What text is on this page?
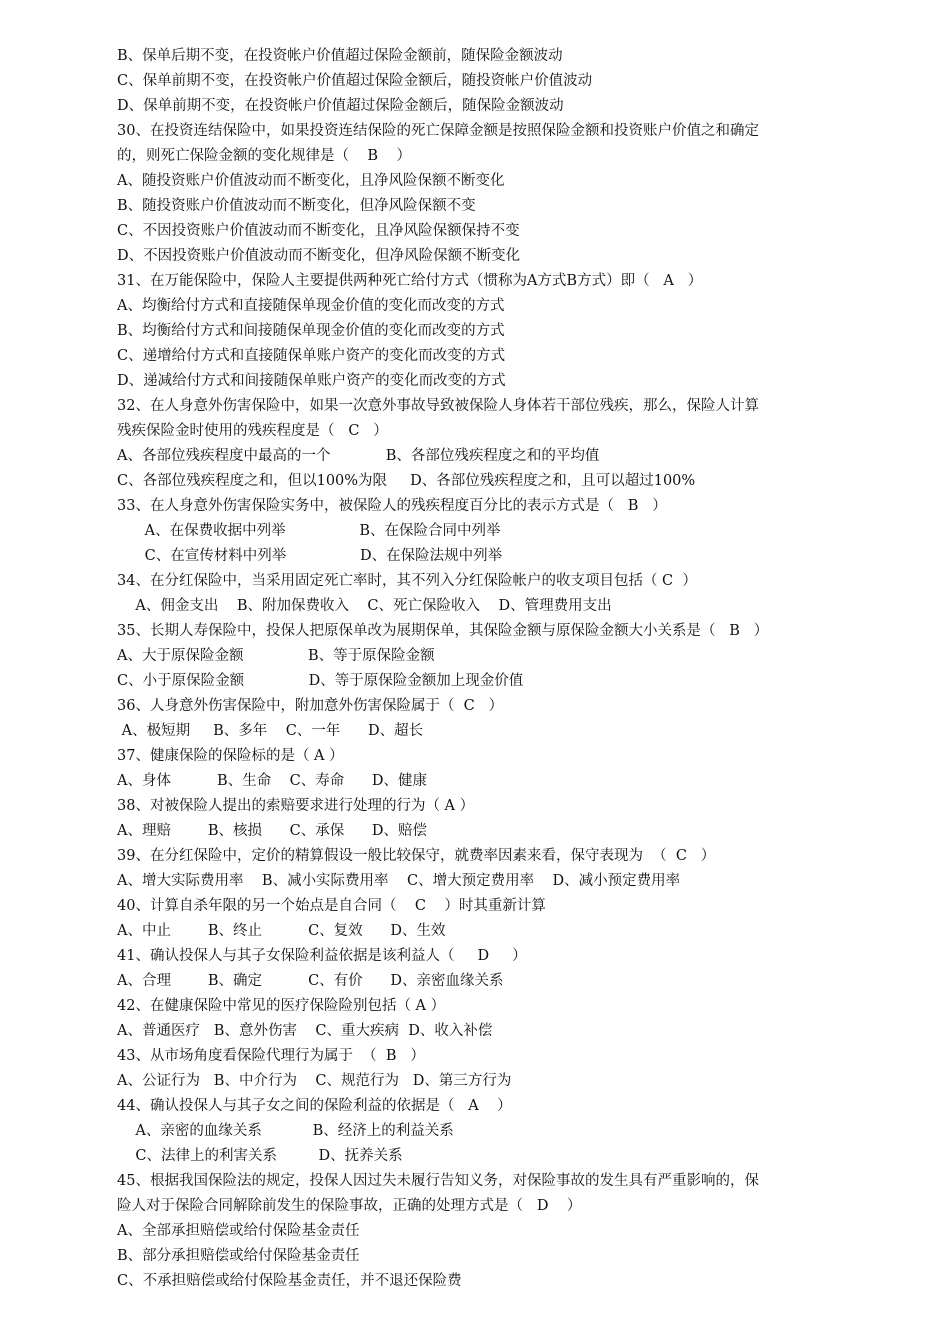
B、保单后期不变，在投资帐户价值超过保险金额前，随保险金额波动
C、保单前期不变，在投资帐户价值超过保险金额后，随投资帐户价值波动
D、保单前期不变，在投资帐户价值超过保险金额后，随保险金额波动
30、在投资连结保险中，如果投资连结保险的死亡保障金额是按照保险金额和投资账户价值之和确定
的，则死亡保险金额的变化规律是（    B    ）
A、随投资账户价值波动而不断变化，且净风险保额不断变化
B、随投资账户价值波动而不断变化，但净风险保额不变
C、不因投资账户价值波动而不断变化，且净风险保额保持不变
D、不因投资账户价值波动而不断变化，但净风险保额不断变化
31、在万能保险中，保险人主要提供两种死亡给付方式（惯称为A方式B方式）即（   A   ）
A、均衡给付方式和直接随保单现金价值的变化而改变的方式
B、均衡给付方式和间接随保单现金价值的变化而改变的方式
C、递增给付方式和直接随保单账户资产的变化而改变的方式
D、递减给付方式和间接随保单账户资产的变化而改变的方式
32、在人身意外伤害保险中，如果一次意外事故导致被保险人身体若干部位残疾，那么，保险人计算
残疾保险金时使用的残疾程度是（   C   ）
A、各部位残疾程度中最高的一个            B、各部位残疾程度之和的平均值
C、各部位残疾程度之和，但以100%为限     D、各部位残疾程度之和，且可以超过100%
33、在人身意外伤害保险实务中，被保险人的残疾程度百分比的表示方式是（   B   ）
A、在保费收据中列举                B、在保险合同中列举
C、在宣传材料中列举                D、在保险法规中列举
34、在分红保险中，当采用固定死亡率时，其不列入分红保险帐户的收支项目包括（ C  ）
A、佣金支出    B、附加保费收入    C、死亡保险收入    D、管理费用支出
35、长期人寿保险中，投保人把原保单改为展期保单，其保险金额与原保险金额大小关系是（   B   ）
A、大于原保险金额              B、等于原保险金额
C、小于原保险金额              D、等于原保险金额加上现金价值
36、人身意外伤害保险中，附加意外伤害保险属于（  C   ）
A、极短期     B、多年    C、一年      D、超长
37、健康保险的保险标的是（ A ）
A、身体          B、生命    C、寿命      D、健康
38、对被保险人提出的索赔要求进行处理的行为（ A ）
A、理赔        B、核损      C、承保      D、赔偿
39、在分红保险中，定价的精算假设一般比较保守，就费率因素来看，保守表现为  （  C   ）
A、增大实际费用率    B、减小实际费用率    C、增大预定费用率    D、减小预定费用率
40、计算自杀年限的另一个始点是自合同（    C    ）时其重新计算
A、中止        B、终止          C、复效      D、生效
41、确认投保人与其子女保险利益依据是该利益人（     D     ）
A、合理        B、确定          C、有价      D、亲密血缘关系
42、在健康保险中常见的医疗保险险别包括（ A ）
A、普通医疗   B、意外伤害    C、重大疾病  D、收入补偿
43、从市场角度看保险代理行为属于  （  B   ）
A、公证行为   B、中介行为    C、规范行为   D、第三方行为
44、确认投保人与其子女之间的保险利益的依据是（   A    ）
A、亲密的血缘关系           B、经济上的利益关系
C、法律上的利害关系         D、抚养关系
45、根据我国保险法的规定，投保人因过失未履行告知义务，对保险事故的发生具有严重影响的，保
险人对于保险合同解除前发生的保险事故，正确的处理方式是（   D    ）
A、全部承担赔偿或给付保险基金责任
B、部分承担赔偿或给付保险基金责任
C、不承担赔偿或给付保险基金责任，并不退还保险费
